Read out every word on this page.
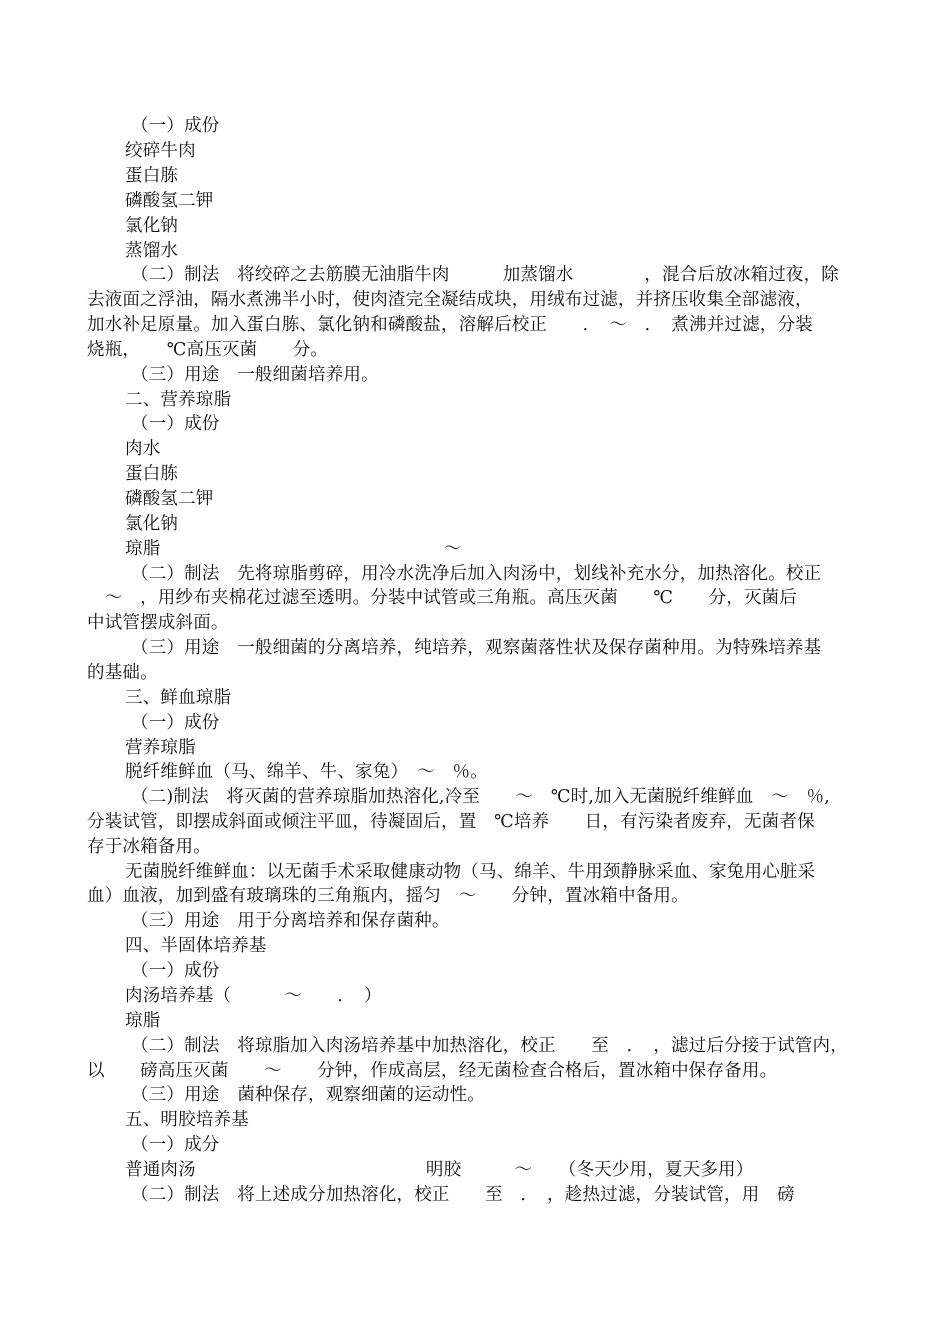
（一）成份
绞碎牛肉
蛋白胨
磷酸氢二钾
氯化钠
蒸馏水
（二）制法　将绞碎之去筋膜无油脂牛肉　　　加蒸馏水　　　　，混合后放冰箱过夜，除
去液面之浮油，隔水煮沸半小时，使肉渣完全凝结成块，用绒布过滤，并挤压收集全部滤液，
加水补足原量。加入蛋白胨、氯化钠和磷酸盐，溶解后校正　　．　～　．　煮沸并过滤，分装
烧瓶，　　℃高压灭菌　　分。
（三）用途　一般细菌培养用。
二、营养琼脂
（一）成份
肉水
蛋白胨
磷酸氢二钾
氯化钠
琼脂　　　　　　　　　　　　　　　　～
（二）制法　先将琼脂剪碎，用冷水洗净后加入肉汤中，划线补充水分，加热溶化。校正
　～　，用纱布夹棉花过滤至透明。分装中试管或三角瓶。高压灭菌　　℃　　分，灭菌后
中试管摆成斜面。
（三）用途　一般细菌的分离培养，纯培养，观察菌落性状及保存菌种用。为特殊培养基
的基础。
三、鲜血琼脂
（一）成份
营养琼脂
脱纤维鲜血（马、绵羊、牛、家兔）　～　％。
（二)制法　将灭菌的营养琼脂加热溶化,冷至　　～　℃时,加入无菌脱纤维鲜血　～　％,
分装试管，即摆成斜面或倾注平皿，待凝固后，置　℃培养　　日，有污染者废弃，无菌者保
存于冰箱备用。
无菌脱纤维鲜血：以无菌手术采取健康动物（马、绵羊、牛用颈静脉采血、家兔用心脏采
血）血液，加到盛有玻璃珠的三角瓶内，摇匀　～　　分钟，置冰箱中备用。
（三）用途　用于分离培养和保存菌种。
四、半固体培养基
（一）成份
肉汤培养基（　　　～　　．　）
琼脂
（二）制法　将琼脂加入肉汤培养基中加热溶化，校正　　至　．　，滤过后分接于试管内，
以　　磅高压灭菌　　～　　分钟，作成高层，经无菌检查合格后，置冰箱中保存备用。
（三）用途　菌种保存，观察细菌的运动性。
五、明胶培养基
（一）成分
普通肉汤　　　　　　　　　　　　　明胶　　　～　　（冬天少用，夏天多用）
（二）制法　将上述成分加热溶化，校正　　至　．　，趁热过滤，分装试管，用　磅
